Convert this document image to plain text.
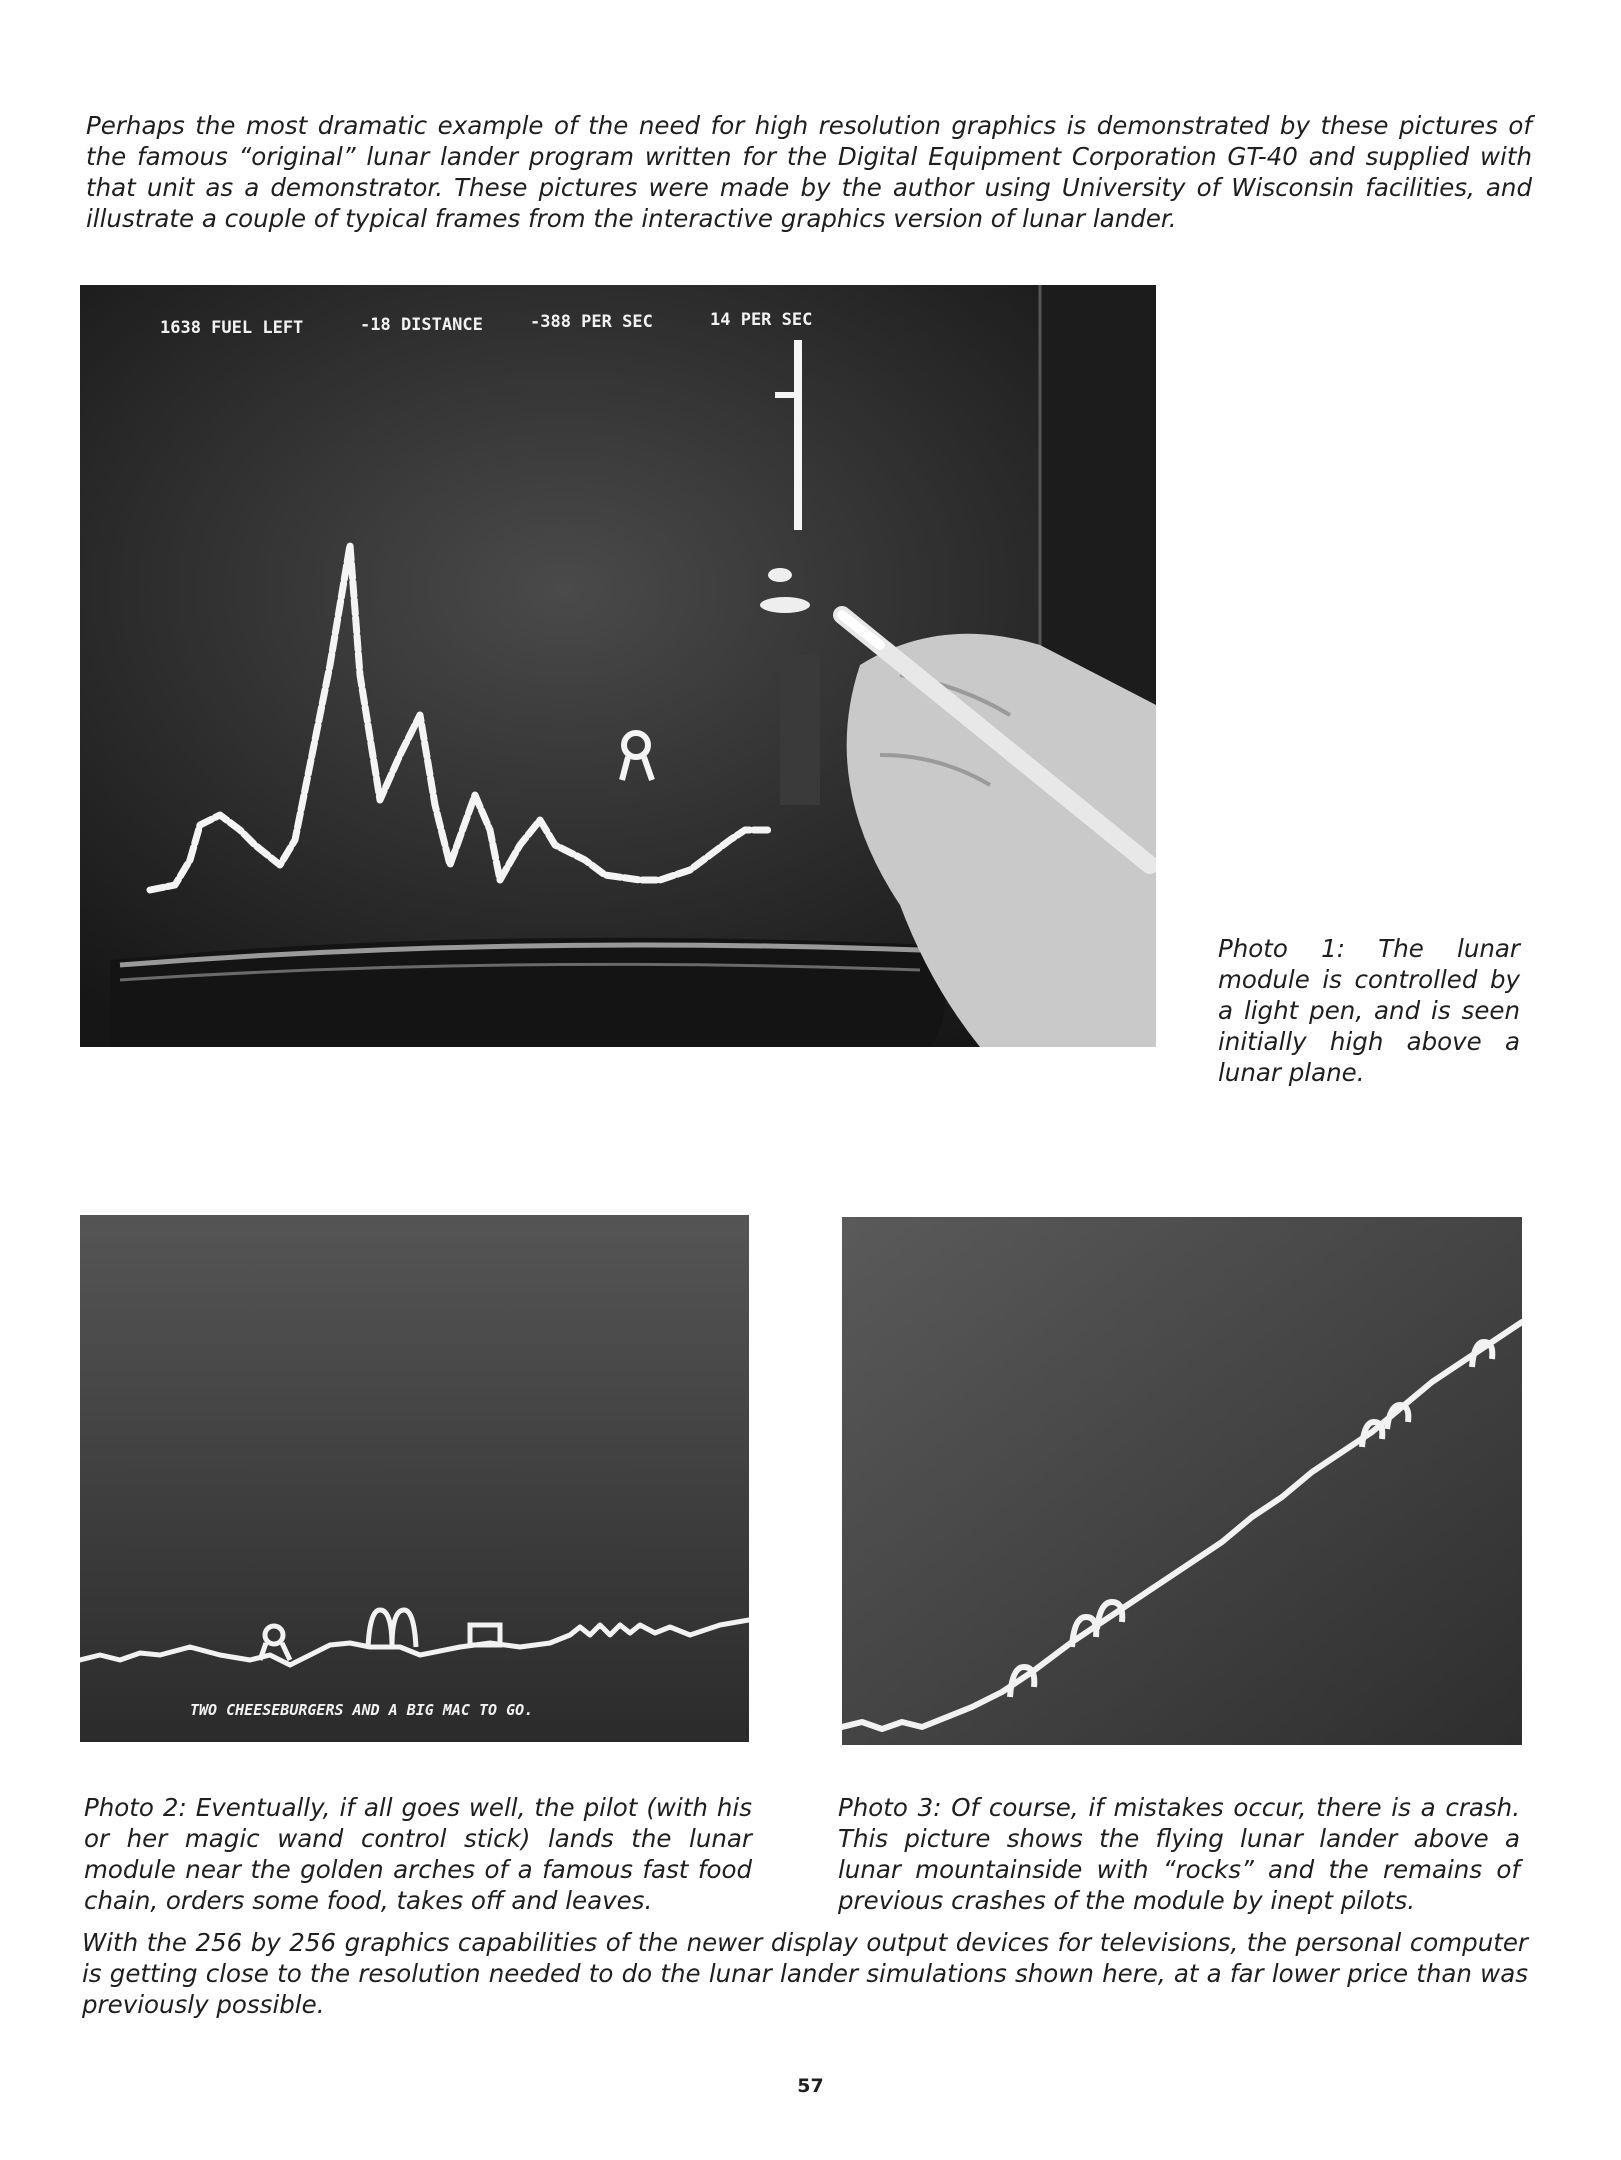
Perhaps the most dramatic example of the need for high resolution graphics is demonstrated by these pictures of the famous “original” lunar lander program written for the Digital Equipment Corporation GT-40 and supplied with that unit as a demonstrator. These pictures were made by the author using University of Wisconsin facilities, and illustrate a couple of typical frames from the interactive graphics version of lunar lander.

1638 FUEL LEFT	-18 DISTANCE	-388 PER SEC	14 PER SEC

Photo 1: The lunar module is controlled by a light pen, and is seen initially high above a lunar plane.

TWO CHEESEBURGERS AND A BIG MAC TO GO.

Photo 2: Eventually, if all goes well, the pilot (with his or her magic wand control stick) lands the lunar module near the golden arches of a famous fast food chain, orders some food, takes off and leaves.

Photo 3: Of course, if mistakes occur, there is a crash. This picture shows the flying lunar lander above a lunar mountainside with “rocks” and the remains of previous crashes of the module by inept pilots.

With the 256 by 256 graphics capabilities of the newer display output devices for televisions, the personal computer is getting close to the resolution needed to do the lunar lander simulations shown here, at a far lower price than was previously possible.

57
